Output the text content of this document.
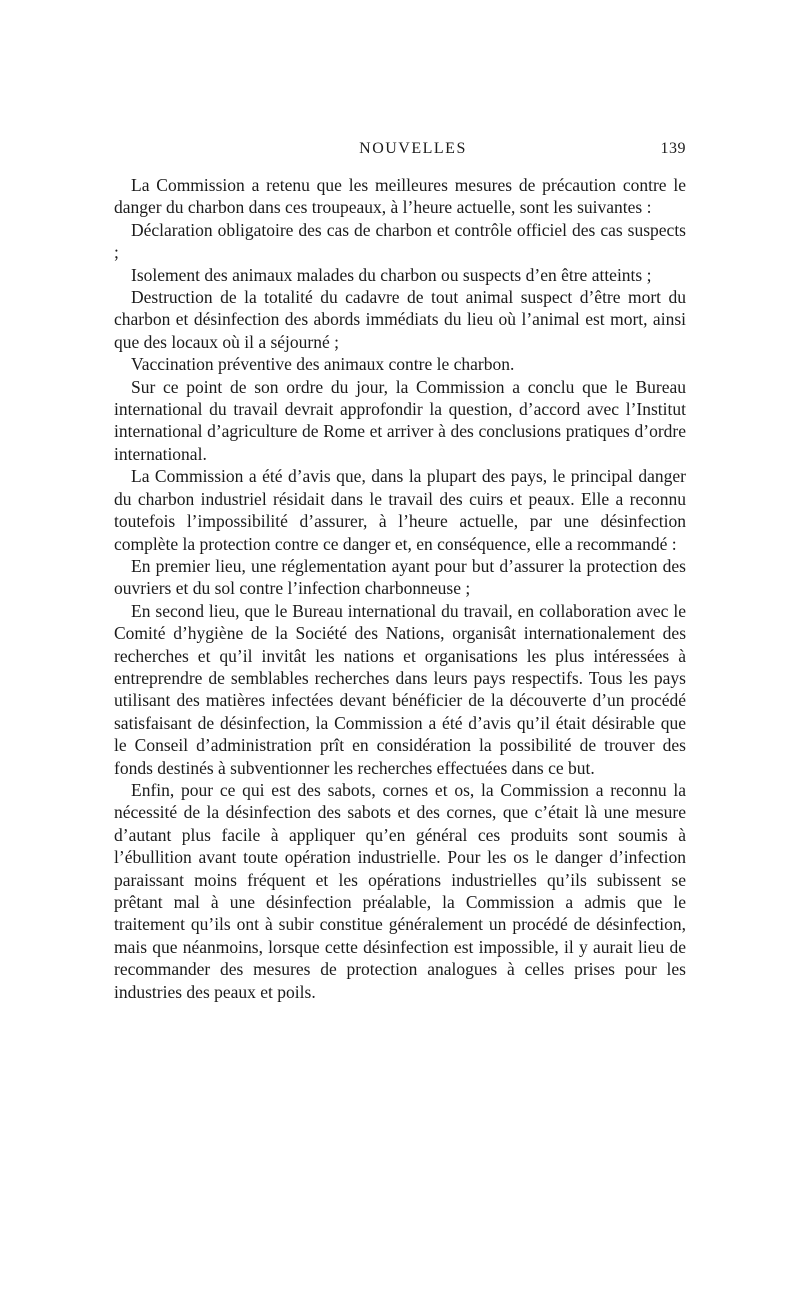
NOUVELLES	139

La Commission a retenu que les meilleures mesures de précaution contre le danger du charbon dans ces troupeaux, à l’heure actuelle, sont les suivantes :

Déclaration obligatoire des cas de charbon et contrôle officiel des cas suspects ;

Isolement des animaux malades du charbon ou suspects d’en être atteints ;

Destruction de la totalité du cadavre de tout animal suspect d’être mort du charbon et désinfection des abords immédiats du lieu où l’animal est mort, ainsi que des locaux où il a séjourné ;

Vaccination préventive des animaux contre le charbon.

Sur ce point de son ordre du jour, la Commission a conclu que le Bureau international du travail devrait approfondir la question, d’accord avec l’Institut international d’agriculture de Rome et arriver à des conclusions pratiques d’ordre international.

La Commission a été d’avis que, dans la plupart des pays, le principal danger du charbon industriel résidait dans le travail des cuirs et peaux. Elle a reconnu toutefois l’impossibilité d’assurer, à l’heure actuelle, par une désinfection complète la protection contre ce danger et, en conséquence, elle a recommandé :

En premier lieu, une réglementation ayant pour but d’assurer la protection des ouvriers et du sol contre l’infection charbonneuse ;

En second lieu, que le Bureau international du travail, en collaboration avec le Comité d’hygiène de la Société des Nations, organisât internationalement des recherches et qu’il invitât les nations et organisations les plus intéressées à entreprendre de semblables recherches dans leurs pays respectifs. Tous les pays utilisant des matières infectées devant bénéficier de la découverte d’un procédé satisfaisant de désinfection, la Commission a été d’avis qu’il était désirable que le Conseil d’administration prît en considération la possibilité de trouver des fonds destinés à subventionner les recherches effectuées dans ce but.

Enfin, pour ce qui est des sabots, cornes et os, la Commission a reconnu la nécessité de la désinfection des sabots et des cornes, que c’était là une mesure d’autant plus facile à appliquer qu’en général ces produits sont soumis à l’ébullition avant toute opération industrielle. Pour les os le danger d’infection paraissant moins fréquent et les opérations industrielles qu’ils subissent se prêtant mal à une désinfection préalable, la Commission a admis que le traitement qu’ils ont à subir constitue généralement un procédé de désinfection, mais que néanmoins, lorsque cette désinfection est impossible, il y aurait lieu de recommander des mesures de protection analogues à celles prises pour les industries des peaux et poils.
